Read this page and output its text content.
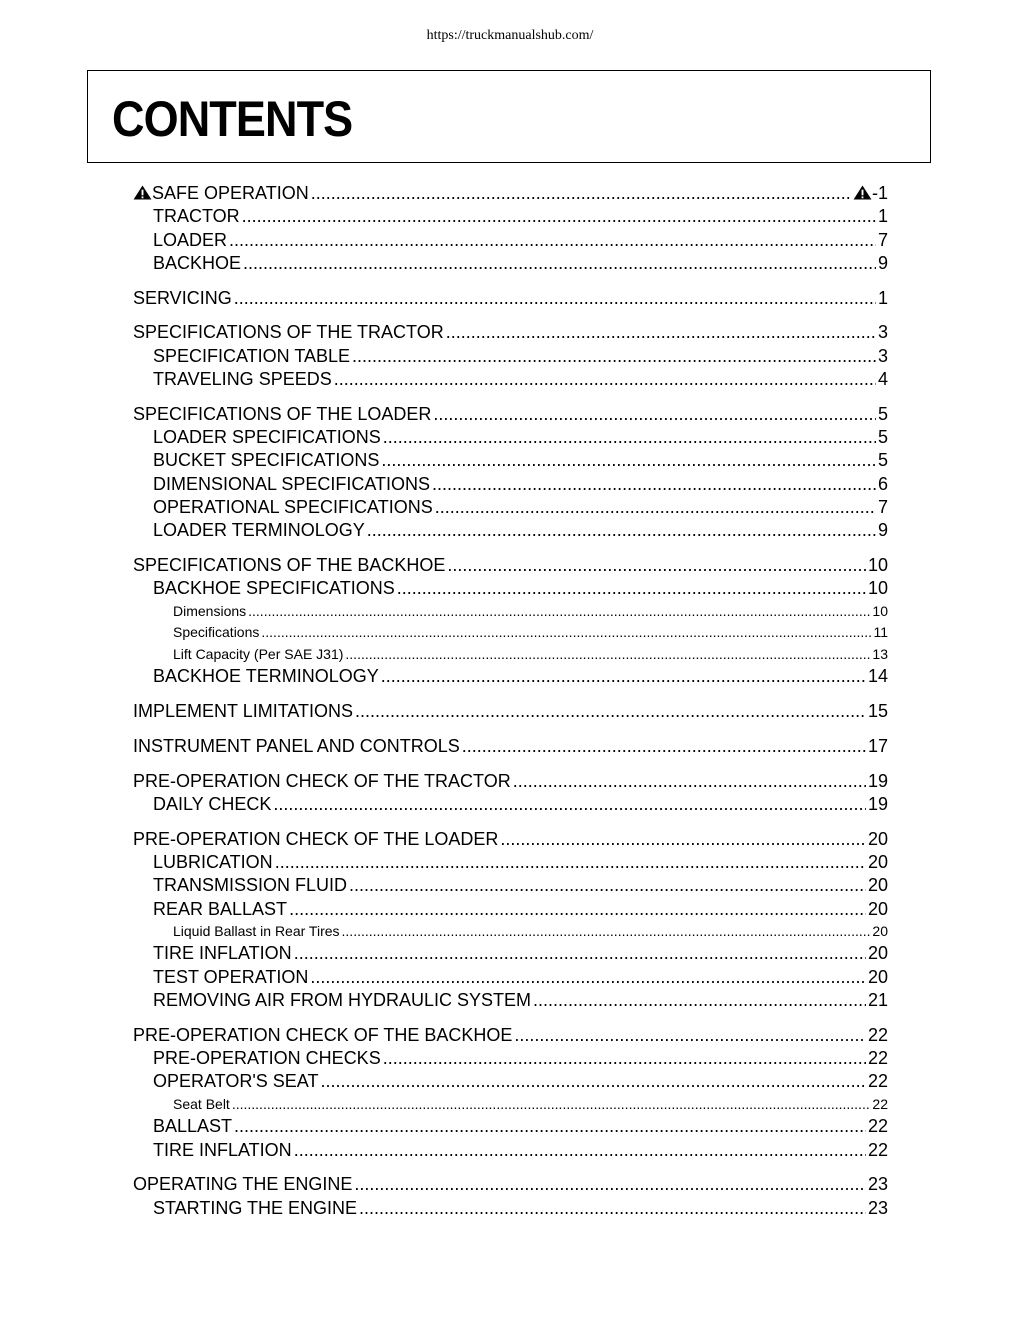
https://truckmanualshub.com/
CONTENTS
SAFE OPERATION .....	-1
TRACTOR .....	1
LOADER .....	7
BACKHOE .....	9
SERVICING .....	1
SPECIFICATIONS OF THE TRACTOR .....	3
SPECIFICATION TABLE .....	3
TRAVELING SPEEDS .....	4
SPECIFICATIONS OF THE LOADER .....	5
LOADER SPECIFICATIONS .....	5
BUCKET SPECIFICATIONS .....	5
DIMENSIONAL SPECIFICATIONS .....	6
OPERATIONAL SPECIFICATIONS .....	7
LOADER TERMINOLOGY .....	9
SPECIFICATIONS OF THE BACKHOE .....	10
BACKHOE SPECIFICATIONS .....	10
Dimensions .....	10
Specifications .....	11
Lift Capacity (Per SAE J31) .....	13
BACKHOE TERMINOLOGY .....	14
IMPLEMENT LIMITATIONS .....	15
INSTRUMENT PANEL AND CONTROLS .....	17
PRE-OPERATION CHECK OF THE TRACTOR .....	19
DAILY CHECK .....	19
PRE-OPERATION CHECK OF THE LOADER .....	20
LUBRICATION .....	20
TRANSMISSION FLUID .....	20
REAR BALLAST .....	20
Liquid Ballast in Rear Tires .....	20
TIRE INFLATION .....	20
TEST OPERATION .....	20
REMOVING AIR FROM HYDRAULIC SYSTEM .....	21
PRE-OPERATION CHECK OF THE BACKHOE .....	22
PRE-OPERATION CHECKS .....	22
OPERATOR'S SEAT .....	22
Seat Belt .....	22
BALLAST .....	22
TIRE INFLATION .....	22
OPERATING THE ENGINE .....	23
STARTING THE ENGINE .....	23
